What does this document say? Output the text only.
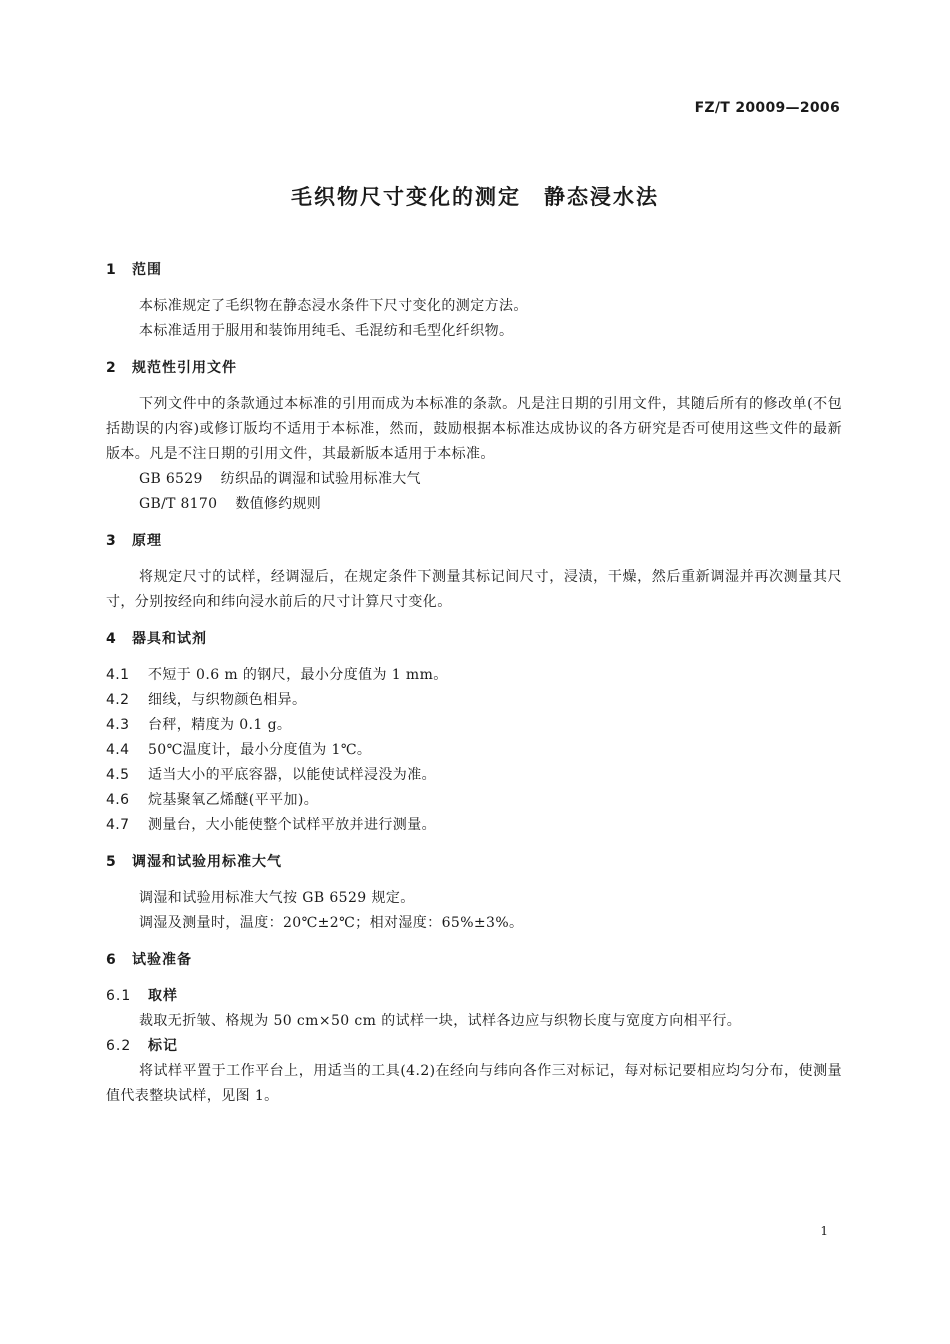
FZ/T 20009—2006
毛织物尺寸变化的测定　静态浸水法
1 范围
本标准规定了毛织物在静态浸水条件下尺寸变化的测定方法。
本标准适用于服用和装饰用纯毛、毛混纺和毛型化纤织物。
2 规范性引用文件
下列文件中的条款通过本标准的引用而成为本标准的条款。凡是注日期的引用文件，其随后所有的修改单(不包括勘误的内容)或修订版均不适用于本标准，然而，鼓励根据本标准达成协议的各方研究是否可使用这些文件的最新版本。凡是不注日期的引用文件，其最新版本适用于本标准。
GB 6529 纺织品的调湿和试验用标准大气
GB/T 8170 数值修约规则
3 原理
将规定尺寸的试样，经调湿后，在规定条件下测量其标记间尺寸，浸渍，干燥，然后重新调湿并再次测量其尺寸，分别按经向和纬向浸水前后的尺寸计算尺寸变化。
4 器具和试剂
4.1 不短于 0.6 m 的钢尺，最小分度值为 1 mm。
4.2 细线，与织物颜色相异。
4.3 台秤，精度为 0.1 g。
4.4 50℃温度计，最小分度值为 1℃。
4.5 适当大小的平底容器，以能使试样浸没为准。
4.6 烷基聚氧乙烯醚(平平加)。
4.7 测量台，大小能使整个试样平放并进行测量。
5 调湿和试验用标准大气
调湿和试验用标准大气按 GB 6529 规定。
调湿及测量时，温度：20℃±2℃；相对湿度：65%±3%。
6 试验准备
6.1 取样
裁取无折皱、格规为 50 cm×50 cm 的试样一块，试样各边应与织物长度与宽度方向相平行。
6.2 标记
将试样平置于工作平台上，用适当的工具(4.2)在经向与纬向各作三对标记，每对标记要相应均匀分布，使测量值代表整块试样，见图 1。
1
